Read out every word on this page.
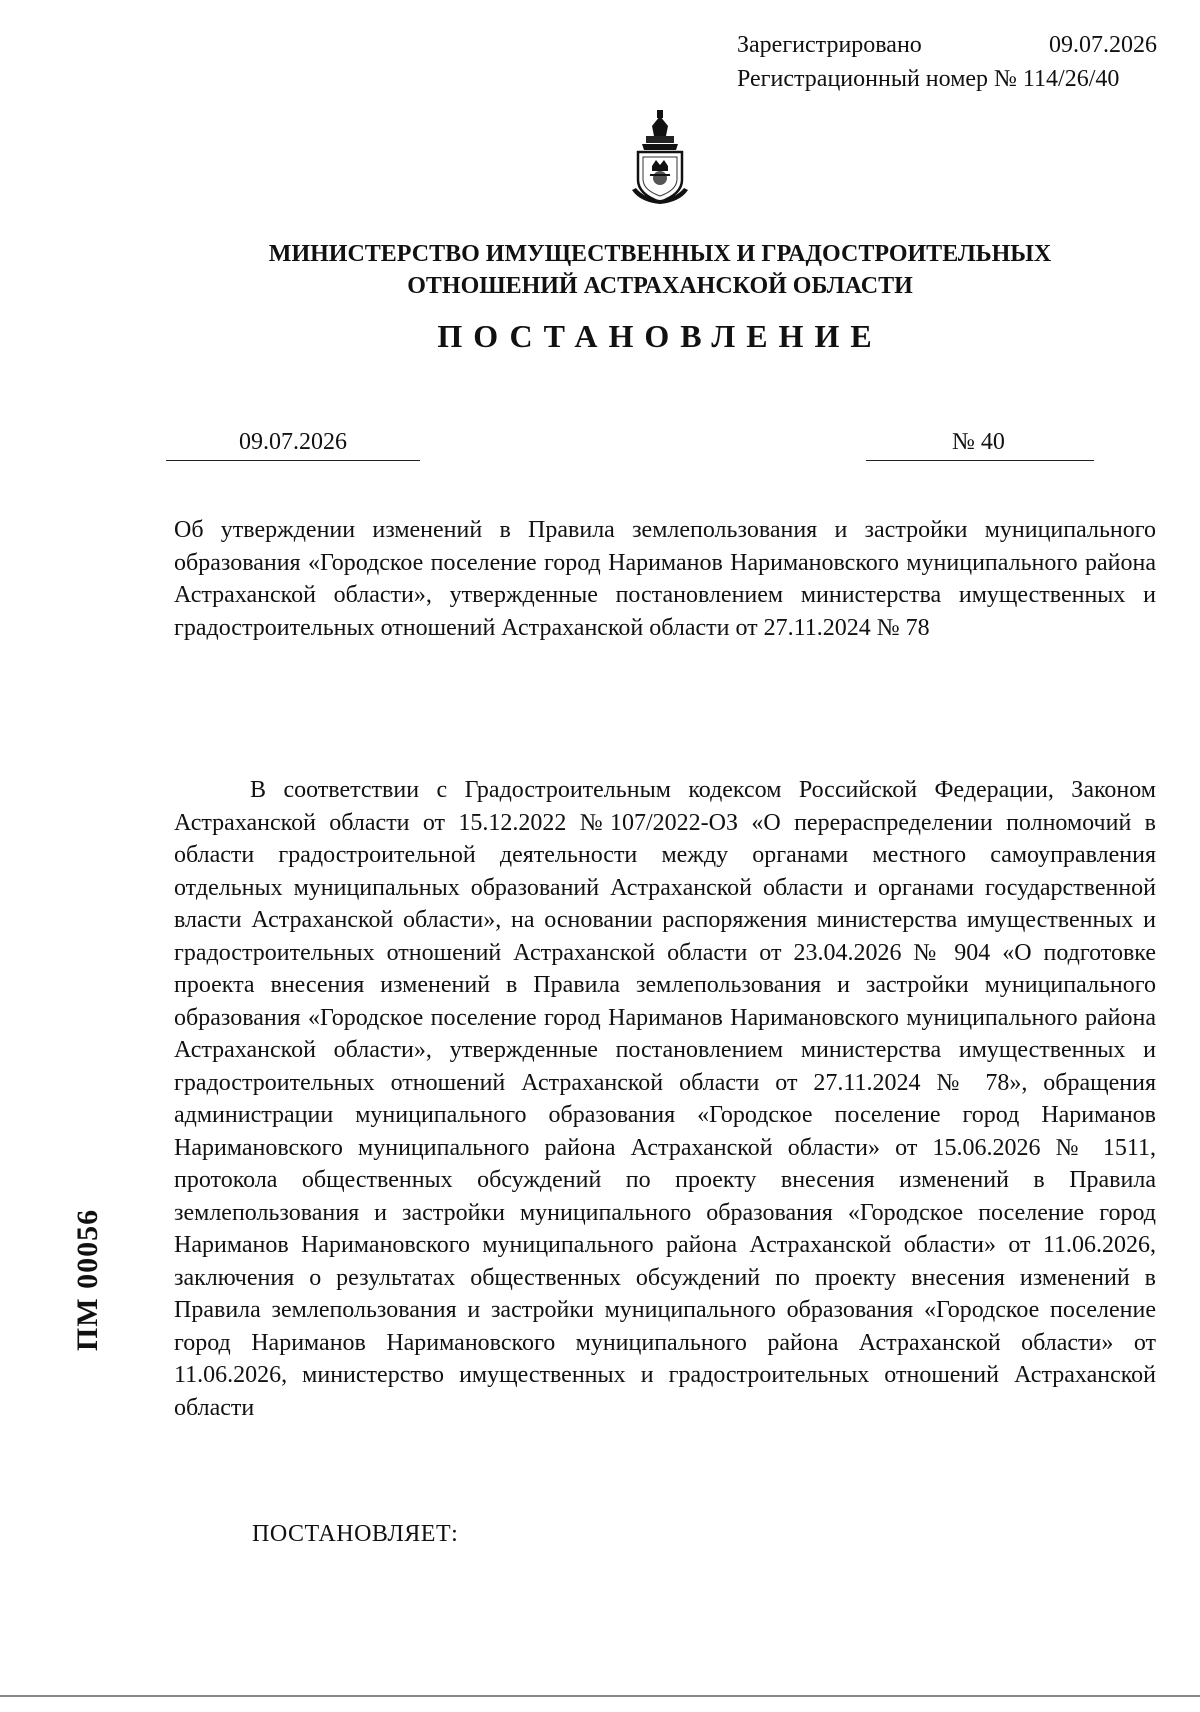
Зарегистрировано	09.07.2026
Регистрационный номер № 114/26/40
МИНИСТЕРСТВО ИМУЩЕСТВЕННЫХ И ГРАДОСТРОИТЕЛЬНЫХ
ОТНОШЕНИЙ АСТРАХАНСКОЙ ОБЛАСТИ
ПОСТАНОВЛЕНИЕ
09.07.2026	№ 40
Об утверждении изменений в Правила землепользования и застройки муниципального образования «Городское поселение город Нариманов Наримановского муниципального района Астраханской области», утвержденные постановлением министерства имущественных и градостроительных отношений Астраханской области от 27.11.2024 № 78

В соответствии с Градостроительным кодексом Российской Федерации, Законом Астраханской области от 15.12.2022 №107/2022-ОЗ «О перераспределении полномочий в области градостроительной деятельности между органами местного самоуправления отдельных муниципальных образований Астраханской области и органами государственной власти Астраханской области», на основании распоряжения министерства имущественных и градостроительных отношений Астраханской области от 23.04.2026 № 904 «О подготовке проекта внесения изменений в Правила землепользования и застройки муниципального образования «Городское поселение город Нариманов Наримановского муниципального района Астраханской области», утвержденные постановлением министерства имущественных и градостроительных отношений Астраханской области от 27.11.2024 № 78», обращения администрации муниципального образования «Городское поселение город Нариманов Наримановского муниципального района Астраханской области» от 15.06.2026 № 1511, протокола общественных обсуждений по проекту внесения изменений в Правила землепользования и застройки муниципального образования «Городское поселение город Нариманов Наримановского муниципального района Астраханской области» от 11.06.2026, заключения о результатах общественных обсуждений по проекту внесения изменений в Правила землепользования и застройки муниципального образования «Городское поселение город Нариманов Наримановского муниципального района Астраханской области» от 11.06.2026, министерство имущественных и градостроительных отношений Астраханской области

ПОСТАНОВЛЯЕТ:
ПМ 00056
